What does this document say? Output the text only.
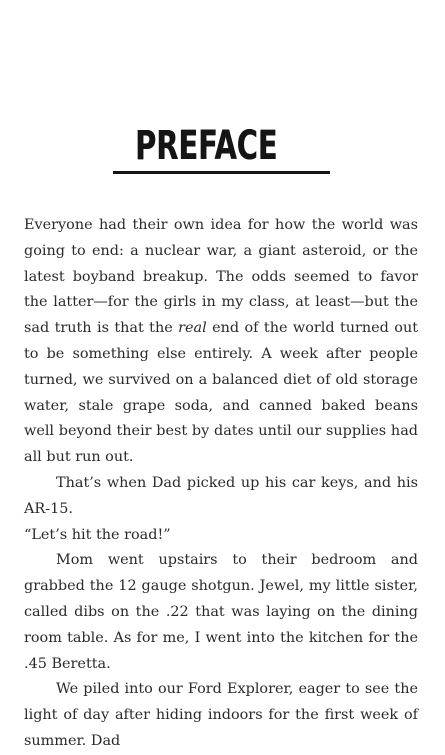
PREFACE

Everyone had their own idea for how the world was going to end: a nuclear war, a giant asteroid, or the latest boyband breakup. The odds seemed to favor the latter—for the girls in my class, at least—but the sad truth is that the real end of the world turned out to be something else entirely. A week after people turned, we survived on a balanced diet of old storage water, stale grape soda, and canned baked beans well beyond their best by dates until our supplies had all but run out.

That’s when Dad picked up his car keys, and his AR-15.

“Let’s hit the road!”

Mom went upstairs to their bedroom and grabbed the 12 gauge shotgun. Jewel, my little sister, called dibs on the .22 that was laying on the dining room table. As for me, I went into the kitchen for the .45 Beretta.

We piled into our Ford Explorer, eager to see the light of day after hiding indoors for the first week of summer. Dad
